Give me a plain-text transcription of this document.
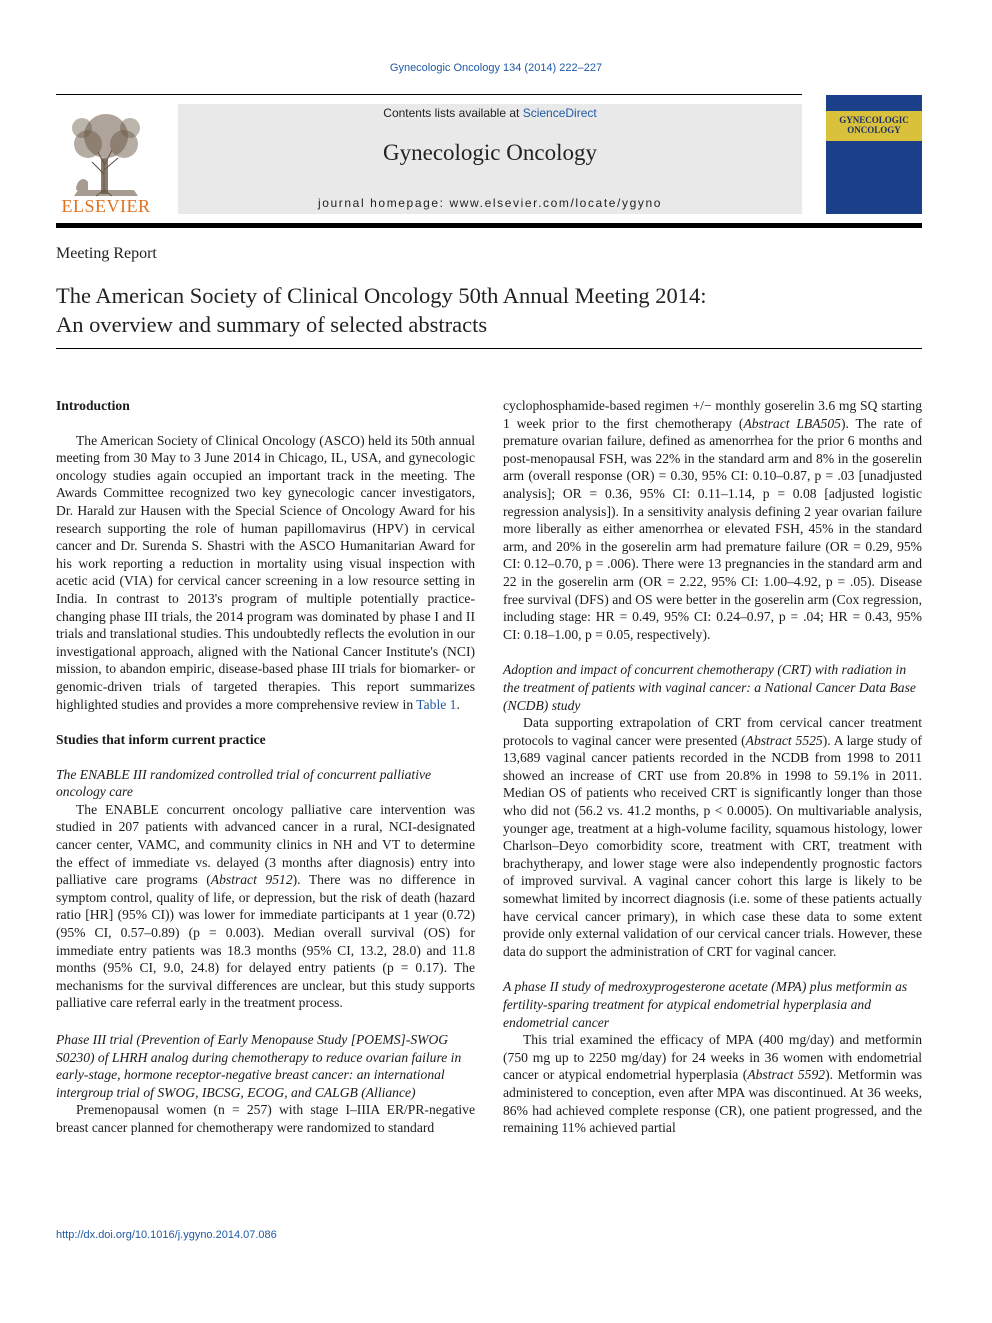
Gynecologic Oncology 134 (2014) 222–227
ELSEVIER
Contents lists available at ScienceDirect
Gynecologic Oncology
journal homepage: www.elsevier.com/locate/ygyno
GYNECOLOGIC
ONCOLOGY
Meeting Report
The American Society of Clinical Oncology 50th Annual Meeting 2014:
An overview and summary of selected abstracts
Introduction

The American Society of Clinical Oncology (ASCO) held its 50th annual meeting from 30 May to 3 June 2014 in Chicago, IL, USA, and gynecologic oncology studies again occupied an important track in the meeting. The Awards Committee recognized two key gynecologic cancer investigators, Dr. Harald zur Hausen with the Special Science of Oncology Award for his research supporting the role of human papillomavirus (HPV) in cervical cancer and Dr. Surenda S. Shastri with the ASCO Humanitarian Award for his work reporting a reduction in mortality using visual inspection with acetic acid (VIA) for cervical cancer screening in a low resource setting in India. In contrast to 2013's program of multiple potentially practice-changing phase III trials, the 2014 program was dominated by phase I and II trials and translational studies. This undoubtedly reflects the evolution in our investigational approach, aligned with the National Cancer Institute's (NCI) mission, to abandon empiric, disease-based phase III trials for biomarker- or genomic-driven trials of targeted therapies. This report summarizes highlighted studies and provides a more comprehensive review in Table 1.

Studies that inform current practice
The ENABLE III randomized controlled trial of concurrent palliative oncology care

The ENABLE concurrent oncology palliative care intervention was studied in 207 patients with advanced cancer in a rural, NCI-designated cancer center, VAMC, and community clinics in NH and VT to determine the effect of immediate vs. delayed (3 months after diagnosis) entry into palliative care programs (Abstract 9512). There was no difference in symptom control, quality of life, or depression, but the risk of death (hazard ratio [HR] (95% CI)) was lower for immediate participants at 1 year (0.72) (95% CI, 0.57–0.89) (p = 0.003). Median overall survival (OS) for immediate entry patients was 18.3 months (95% CI, 13.2, 28.0) and 11.8 months (95% CI, 9.0, 24.8) for delayed entry patients (p = 0.17). The mechanisms for the survival differences are unclear, but this study supports palliative care referral early in the treatment process.

Phase III trial (Prevention of Early Menopause Study [POEMS]-SWOG S0230) of LHRH analog during chemotherapy to reduce ovarian failure in early-stage, hormone receptor-negative breast cancer: an international intergroup trial of SWOG, IBCSG, ECOG, and CALGB (Alliance)

Premenopausal women (n = 257) with stage I–IIIA ER/PR-negative breast cancer planned for chemotherapy were randomized to standard

cyclophosphamide-based regimen +/− monthly goserelin 3.6 mg SQ starting 1 week prior to the first chemotherapy (Abstract LBA505). The rate of premature ovarian failure, defined as amenorrhea for the prior 6 months and post-menopausal FSH, was 22% in the standard arm and 8% in the goserelin arm (overall response (OR) = 0.30, 95% CI: 0.10–0.87, p = .03 [unadjusted analysis]; OR = 0.36, 95% CI: 0.11–1.14, p = 0.08 [adjusted logistic regression analysis]). In a sensitivity analysis defining 2 year ovarian failure more liberally as either amenorrhea or elevated FSH, 45% in the standard arm, and 20% in the goserelin arm had premature failure (OR = 0.29, 95% CI: 0.12–0.70, p = .006). There were 13 pregnancies in the standard arm and 22 in the goserelin arm (OR = 2.22, 95% CI: 1.00–4.92, p = .05). Disease free survival (DFS) and OS were better in the goserelin arm (Cox regression, including stage: HR = 0.49, 95% CI: 0.24–0.97, p = .04; HR = 0.43, 95% CI: 0.18–1.00, p = 0.05, respectively).

Adoption and impact of concurrent chemotherapy (CRT) with radiation in the treatment of patients with vaginal cancer: a National Cancer Data Base (NCDB) study

Data supporting extrapolation of CRT from cervical cancer treatment protocols to vaginal cancer were presented (Abstract 5525). A large study of 13,689 vaginal cancer patients recorded in the NCDB from 1998 to 2011 showed an increase of CRT use from 20.8% in 1998 to 59.1% in 2011. Median OS of patients who received CRT is significantly longer than those who did not (56.2 vs. 41.2 months, p < 0.0005). On multivariable analysis, younger age, treatment at a high-volume facility, squamous histology, lower Charlson–Deyo comorbidity score, treatment with CRT, treatment with brachytherapy, and lower stage were also independently prognostic factors of improved survival. A vaginal cancer cohort this large is likely to be somewhat limited by incorrect diagnosis (i.e. some of these patients actually have cervical cancer primary), in which case these data to some extent provide only external validation of our cervical cancer trials. However, these data do support the administration of CRT for vaginal cancer.

A phase II study of medroxyprogesterone acetate (MPA) plus metformin as fertility-sparing treatment for atypical endometrial hyperplasia and endometrial cancer

This trial examined the efficacy of MPA (400 mg/day) and metformin (750 mg up to 2250 mg/day) for 24 weeks in 36 women with endometrial cancer or atypical endometrial hyperplasia (Abstract 5592). Metformin was administered to conception, even after MPA was discontinued. At 36 weeks, 86% had achieved complete response (CR), one patient progressed, and the remaining 11% achieved partial

http://dx.doi.org/10.1016/j.ygyno.2014.07.086
